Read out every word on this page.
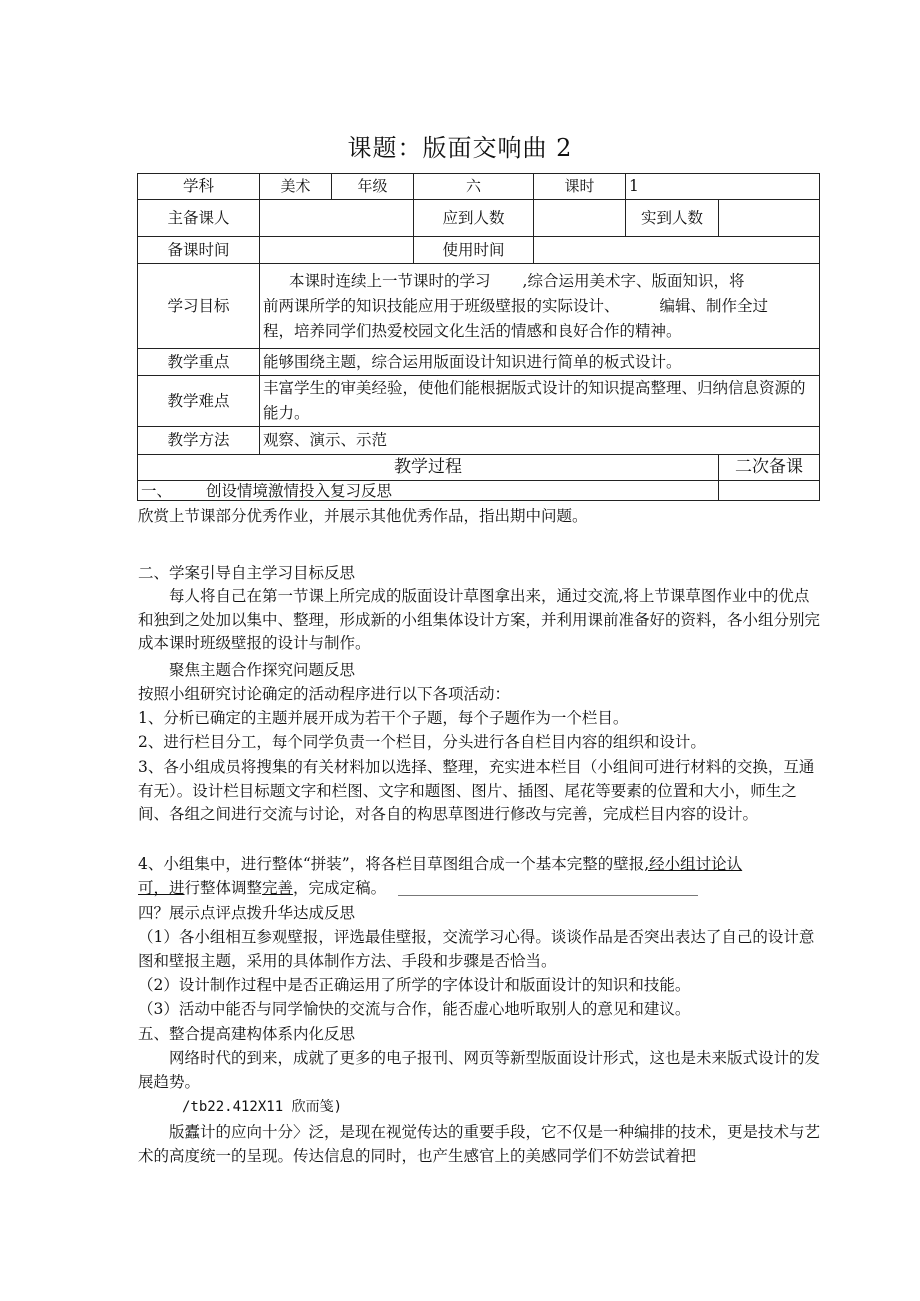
课题：版面交响曲 2
学科	美术	年级	六	课时	1	
主备课人			应到人数		实到人数	
备课时间			使用时间			
学习目标	本课时连续上一节课时的学习 ,综合运用美术字、版面知识，将
前两课所学的知识技能应用于班级壁报的实际设计、 编辑、制作全过
程，培养同学们热爱校园文化生活的情感和良好合作的精神。					
教学重点	能够围绕主题，综合运用版面设计知识进行简单的板式设计。					
教学难点	丰富学生的审美经验，使他们能根据版式设计的知识提高整理、归纳信息资源的能力。					
教学方法	观察、演示、示范					
教学过程						二次备课
一、 创设情境激情投入复习反思						

欣赏上节课部分优秀作业，并展示其他优秀作品，指出期中问题。

二、学案引导自主学习目标反思

每人将自己在第一节课上所完成的版面设计草图拿出来，通过交流,将上节课草图作业中的优点和独到之处加以集中、整理，形成新的小组集体设计方案，并利用课前准备好的资料，各小组分别完成本课时班级壁报的设计与制作。

聚焦主题合作探究问题反思

按照小组研究讨论确定的活动程序进行以下各项活动：

1、分析已确定的主题并展开成为若干个子题，每个子题作为一个栏目。

2、进行栏目分工，每个同学负责一个栏目，分头进行各自栏目内容的组织和设计。

3、各小组成员将搜集的有关材料加以选择、整理，充实进本栏目（小组间可进行材料的交换，互通有无）。设计栏目标题文字和栏图、文字和题图、图片、插图、尾花等要素的位置和大小，师生之间、各组之间进行交流与讨论，对各自的构思草图进行修改与完善，完成栏目内容的设计。

4、小组集中，进行整体“拼装”，将各栏目草图组合成一个基本完整的壁报,经小组讨论认
可，进行整体调整完善，完成定稿。

四？展示点评点拨升华达成反思

（1）各小组相互参观壁报，评选最佳壁报，交流学习心得。谈谈作品是否突出表达了自己的设计意图和壁报主题，采用的具体制作方法、手段和步骤是否恰当。

（2）设计制作过程中是否正确运用了所学的字体设计和版面设计的知识和技能。

（3）活动中能否与同学愉快的交流与合作，能否虚心地听取别人的意见和建议。

五、整合提高建构体系内化反思

网络时代的到来，成就了更多的电子报刊、网页等新型版面设计形式，这也是未来版式设计的发展趋势。

/tb22.412X11 欣而笺)

版蠹计的应向十分〉泛，是现在视觉传达的重要手段，它不仅是一种编排的技术，更是技术与艺术的高度统一的呈现。传达信息的同时，也产生感官上的美感同学们不妨尝试着把
